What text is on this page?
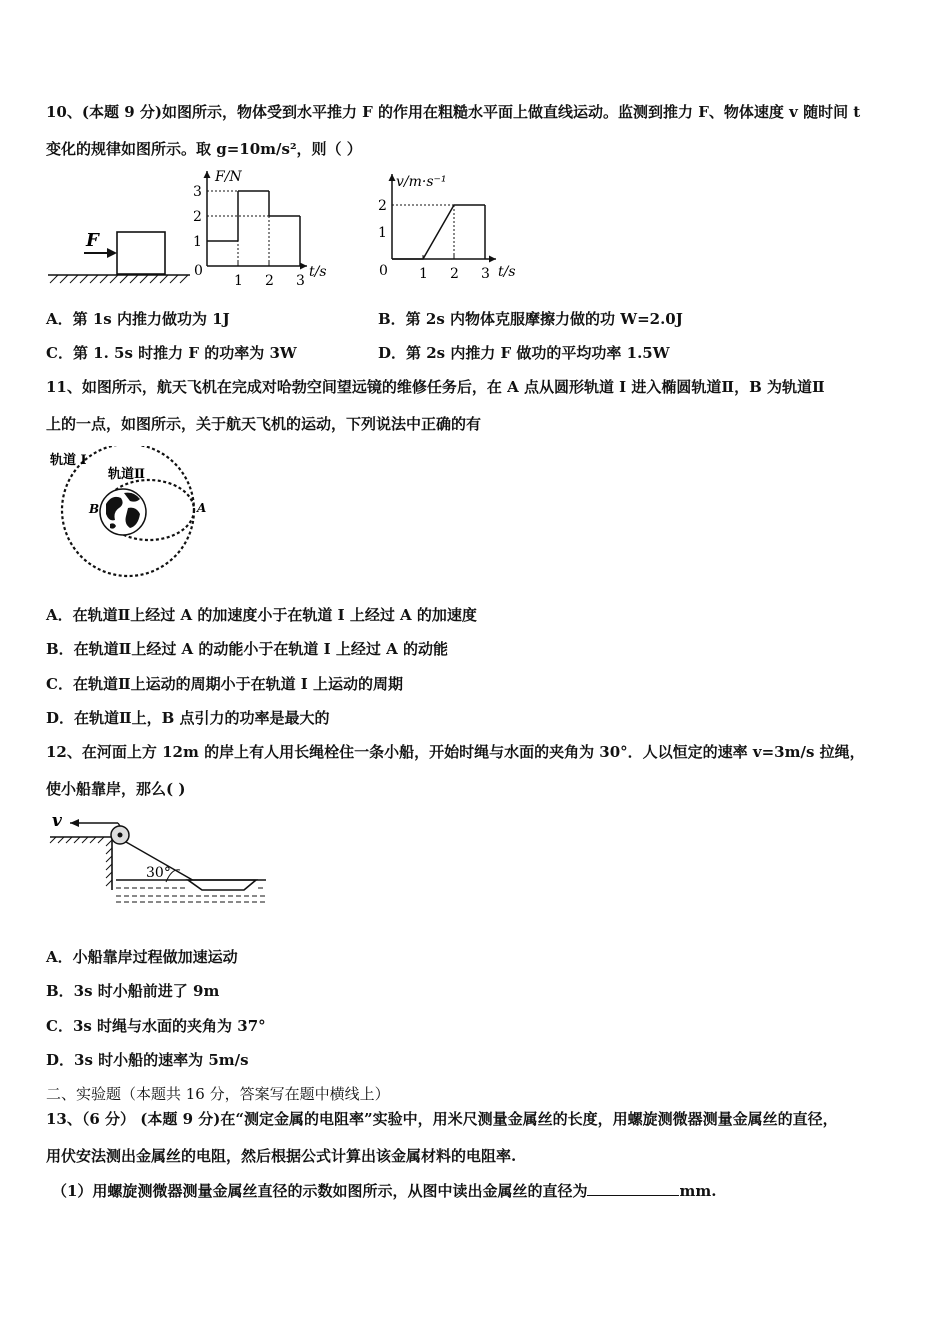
10、(本题 9 分)如图所示，物体受到水平推力 F 的作用在粗糙水平面上做直线运动。监测到推力 F、物体速度 v 随时间 t
变化的规律如图所示。取 g=10m/s²，则（ ）
F
F/N
t/s
0
1 2 3
1
2
3
v/m·s⁻¹
t/s
0 1 2 3
1
2
A．第 1s 内推力做功为 1J	B．第 2s 内物体克服摩擦力做的功 W=2.0J
C．第 1. 5s 时推力 F 的功率为 3W	D．第 2s 内推力 F 做功的平均功率 1.5W
11、如图所示，航天飞机在完成对哈勃空间望远镜的维修任务后，在 A 点从圆形轨道 I 进入椭圆轨道Ⅱ，B 为轨道Ⅱ
上的一点，如图所示，关于航天飞机的运动，下列说法中正确的有
轨道 I
轨道Ⅱ
B	A
A．在轨道Ⅱ上经过 A 的加速度小于在轨道 I 上经过 A 的加速度
B．在轨道Ⅱ上经过 A 的动能小于在轨道 I 上经过 A 的动能
C．在轨道Ⅱ上运动的周期小于在轨道 I 上运动的周期
D．在轨道Ⅱ上，B 点引力的功率是最大的
12、在河面上方 12m 的岸上有人用长绳栓住一条小船，开始时绳与水面的夹角为 30°．人以恒定的速率 v=3m/s 拉绳，
使小船靠岸，那么( )
v
30°
A．小船靠岸过程做加速运动
B．3s 时小船前进了 9m
C．3s 时绳与水面的夹角为 37°
D．3s 时小船的速率为 5m/s
二、实验题（本题共 16 分，答案写在题中横线上）
13、（6 分） (本题 9 分)在“测定金属的电阻率”实验中，用米尺测量金属丝的长度，用螺旋测微器测量金属丝的直径，
用伏安法测出金属丝的电阻，然后根据公式计算出该金属材料的电阻率.
（1）用螺旋测微器测量金属丝直径的示数如图所示，从图中读出金属丝的直径为	mm.
